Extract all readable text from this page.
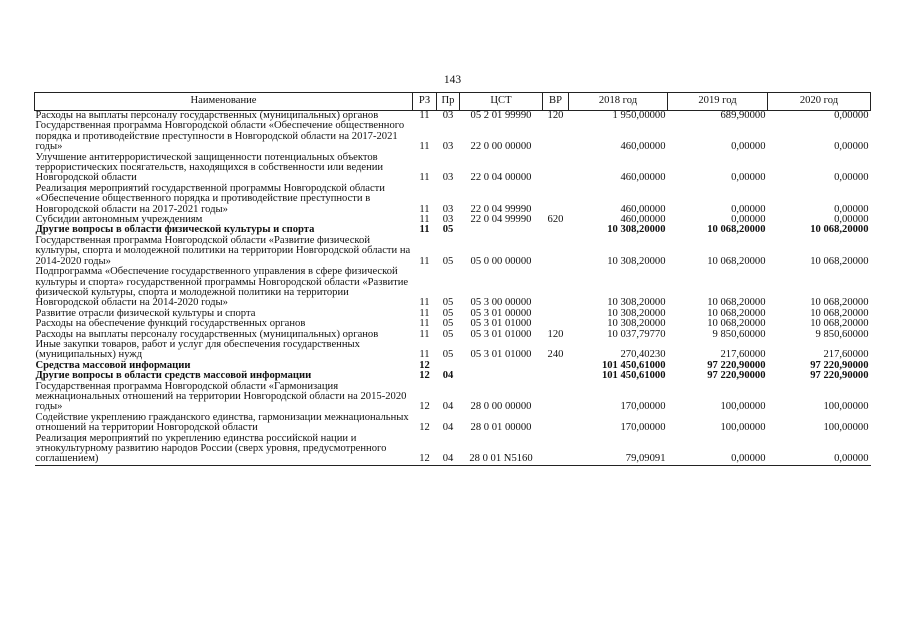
143
Наименование	РЗ	Пр	ЦСТ	ВР	2018 год	2019 год	2020 год
Расходы на выплаты персоналу государственных (муниципальных) органов	11	03	05 2 01 99990	120	1 950,00000	689,90000	0,00000
Государственная программа Новгородской области «Обеспечение общественного порядка и противодействие преступности в Новгородской области на 2017-2021 годы»	11	03	22 0 00 00000		460,00000	0,00000	0,00000
Улучшение антитеррористической защищенности потенциальных объектов террористических посягательств, находящихся в собственности или ведении Новгородской области	11	03	22 0 04 00000		460,00000	0,00000	0,00000
Реализация мероприятий государственной программы Новгородской области «Обеспечение общественного порядка и противодействие преступности в Новгородской области на 2017-2021 годы»	11	03	22 0 04 99990		460,00000	0,00000	0,00000
Субсидии автономным учреждениям	11	03	22 0 04 99990	620	460,00000	0,00000	0,00000
Другие вопросы в области физической культуры и спорта	11	05			10 308,20000	10 068,20000	10 068,20000
Государственная программа Новгородской области «Развитие физической культуры, спорта и молодежной политики на территории Новгородской области на 2014-2020 годы»	11	05	05 0 00 00000		10 308,20000	10 068,20000	10 068,20000
Подпрограмма «Обеспечение государственного управления в сфере физической культуры и спорта» государственной программы Новгородской области «Развитие физической культуры, спорта и молодежной политики на территории Новгородской области на 2014-2020 годы»	11	05	05 3 00 00000		10 308,20000	10 068,20000	10 068,20000
Развитие отрасли физической культуры и спорта	11	05	05 3 01 00000		10 308,20000	10 068,20000	10 068,20000
Расходы на обеспечение функций государственных органов	11	05	05 3 01 01000		10 308,20000	10 068,20000	10 068,20000
Расходы на выплаты персоналу государственных (муниципальных) органов	11	05	05 3 01 01000	120	10 037,79770	9 850,60000	9 850,60000
Иные закупки товаров, работ и услуг для обеспечения государственных (муниципальных) нужд	11	05	05 3 01 01000	240	270,40230	217,60000	217,60000
Средства массовой информации	12				101 450,61000	97 220,90000	97 220,90000
Другие вопросы в области средств массовой информации	12	04			101 450,61000	97 220,90000	97 220,90000
Государственная программа Новгородской области «Гармонизация межнациональных отношений на территории Новгородской области на 2015-2020 годы»	12	04	28 0 00 00000		170,00000	100,00000	100,00000
Содействие укреплению гражданского единства, гармонизации межнациональных отношений на территории Новгородской области	12	04	28 0 01 00000		170,00000	100,00000	100,00000
Реализация мероприятий по укреплению единства российской нации и этнокультурному развитию народов России (сверх уровня, предусмотренного соглашением)	12	04	28 0 01 N5160		79,09091	0,00000	0,00000
